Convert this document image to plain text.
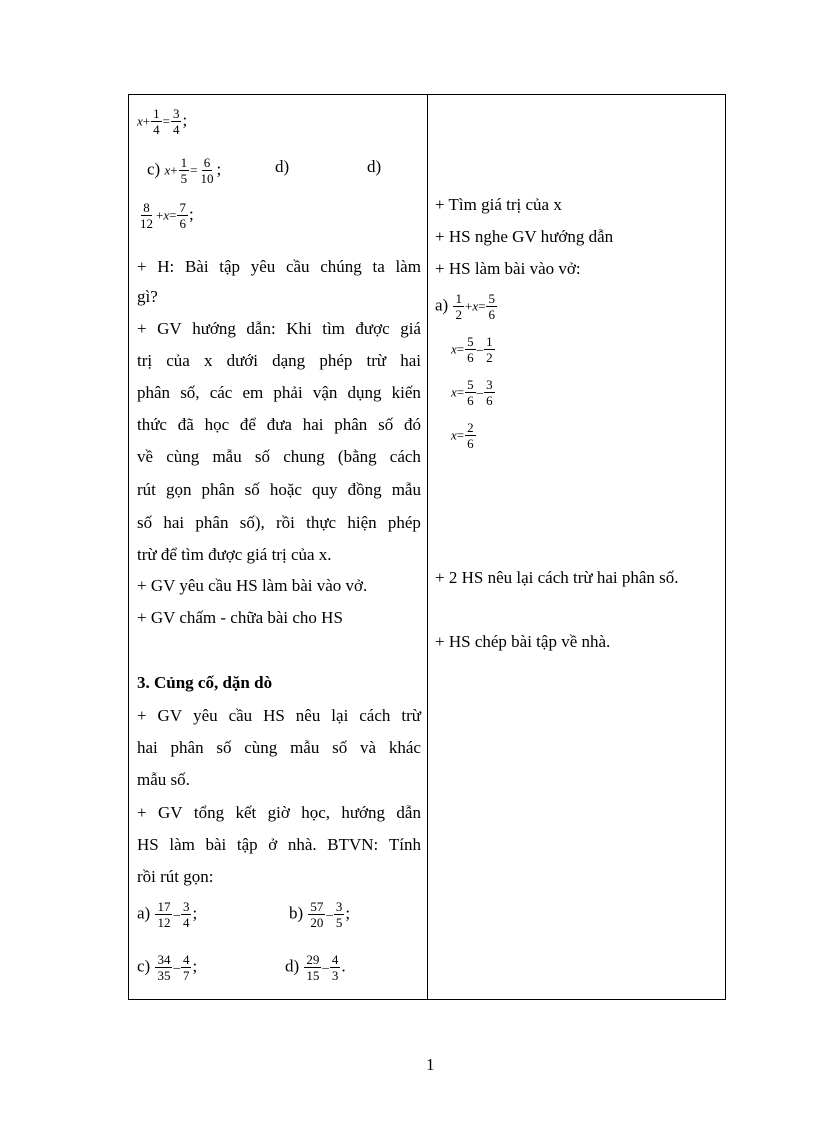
$x+ \frac{1}{4} = \frac{3}{4}$ ;
c) $x+ \frac{1}{5} = \frac{6}{10}$ ;	d)	d)
$\frac{8}{12} +x= \frac{7}{6}$ ;
+ H: Bài tập yêu cầu chúng ta làm
gì?
+ GV hướng dẫn: Khi tìm được giá
trị của x dưới dạng phép trừ hai
phân số, các em phải vận dụng kiến
thức đã học để đưa hai phân số đó
về cùng mẫu số chung (bằng cách
rút gọn phân số hoặc quy đồng mẫu
số hai phân số), rồi thực hiện phép
trừ để tìm được giá trị của x.
+ GV yêu cầu HS làm bài vào vở.
+ GV chấm - chữa bài cho HS
3. Củng cố, dặn dò
+ GV yêu cầu HS nêu lại cách trừ
hai phân số cùng mẫu số và khác
mẫu số.
+ GV tổng kết giờ học, hướng dẫn
HS làm bài tập ở nhà. BTVN: Tính
rồi rút gọn:
$a) \frac{17}{12} - \frac{3}{4}$ ;	$b) \frac{57}{20} - \frac{3}{5}$ ;
$c) \frac{34}{35} - \frac{4}{7}$ ;	$d) \frac{29}{15} - \frac{4}{3}$ .
+ Tìm giá trị của x
+ HS nghe GV hướng dẫn
+ HS làm bài vào vở:
$a) \frac{1}{2} +x= \frac{5}{6}$
$x= \frac{5}{6} - \frac{1}{2}$
$x= \frac{5}{6} - \frac{3}{6}$
$x= \frac{2}{6}$
+ 2 HS nêu lại cách trừ hai phân số.
+ HS chép bài tập về nhà.
1
